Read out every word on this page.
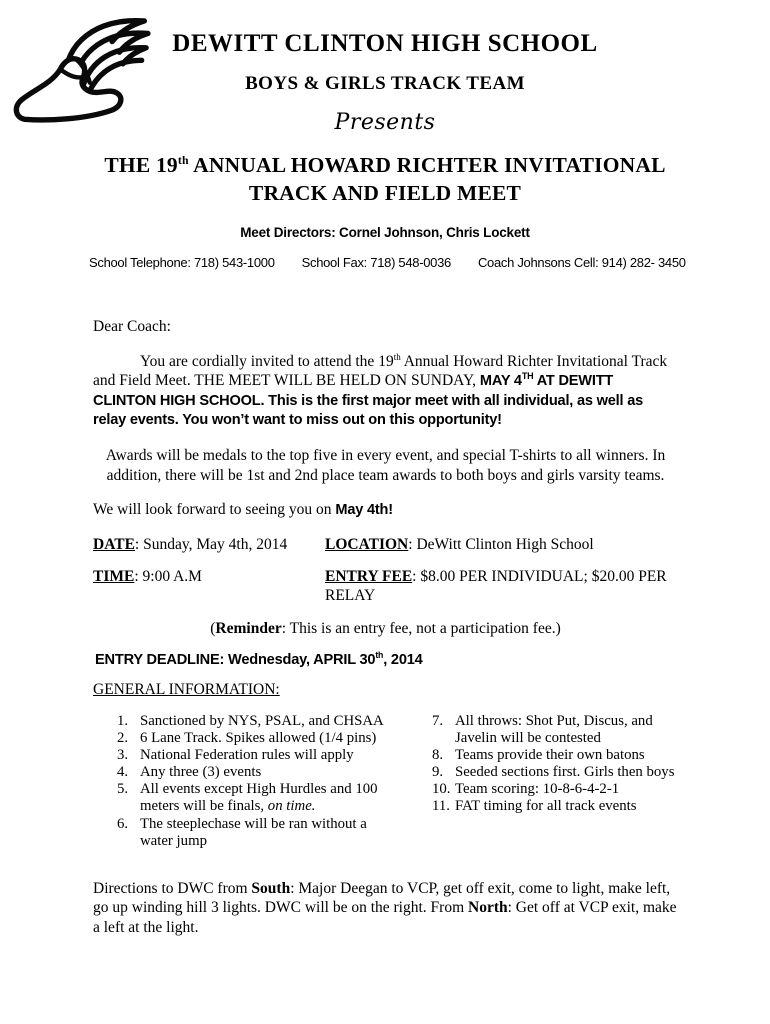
DEWITT CLINTON HIGH SCHOOL
BOYS & GIRLS TRACK TEAM
Presents
THE 19th ANNUAL HOWARD RICHTER INVITATIONAL
TRACK AND FIELD MEET
Meet Directors: Cornel Johnson, Chris Lockett
School Telephone: 718) 543-1000 School Fax: 718) 548-0036 Coach Johnsons Cell: 914) 282- 3450

Dear Coach:

You are cordially invited to attend the 19th Annual Howard Richter Invitational Track and Field Meet. THE MEET WILL BE HELD ON SUNDAY, MAY 4TH AT DEWITT CLINTON HIGH SCHOOL. This is the first major meet with all individual, as well as relay events. You won’t want to miss out on this opportunity!

Awards will be medals to the top five in every event, and special T-shirts to all winners. In addition, there will be 1st and 2nd place team awards to both boys and girls varsity teams.

We will look forward to seeing you on May 4th!

DATE: Sunday, May 4th, 2014	LOCATION: DeWitt Clinton High School
TIME: 9:00 A.M	ENTRY FEE: $8.00 PER INDIVIDUAL; $20.00 PER RELAY

(Reminder: This is an entry fee, not a participation fee.)

ENTRY DEADLINE: Wednesday, APRIL 30th, 2014

GENERAL INFORMATION:

1. Sanctioned by NYS, PSAL, and CHSAA
2. 6 Lane Track. Spikes allowed (1/4 pins)
3. National Federation rules will apply
4. Any three (3) events
5. All events except High Hurdles and 100 meters will be finals, on time.
6. The steeplechase will be ran without a water jump
7. All throws: Shot Put, Discus, and Javelin will be contested
8. Teams provide their own batons
9. Seeded sections first. Girls then boys
10. Team scoring: 10-8-6-4-2-1
11. FAT timing for all track events

Directions to DWC from South: Major Deegan to VCP, get off exit, come to light, make left, go up winding hill 3 lights. DWC will be on the right. From North: Get off at VCP exit, make a left at the light.
